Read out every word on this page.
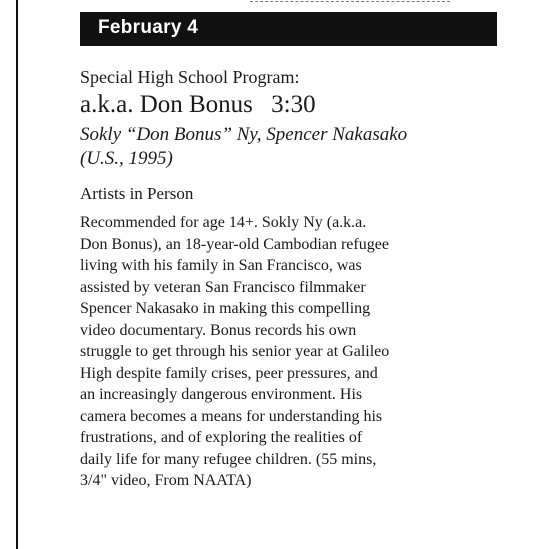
February 4

Special High School Program:

a.k.a. Don Bonus 3:30

Sokly “Don Bonus” Ny, Spencer Nakasako
(U.S., 1995)

Artists in Person

Recommended for age 14+. Sokly Ny (a.k.a.
Don Bonus), an 18-year-old Cambodian refugee
living with his family in San Francisco, was
assisted by veteran San Francisco filmmaker
Spencer Nakasako in making this compelling
video documentary. Bonus records his own
struggle to get through his senior year at Galileo
High despite family crises, peer pressures, and
an increasingly dangerous environment. His
camera becomes a means for understanding his
frustrations, and of exploring the realities of
daily life for many refugee children. (55 mins,
3/4" video, From NAATA)
